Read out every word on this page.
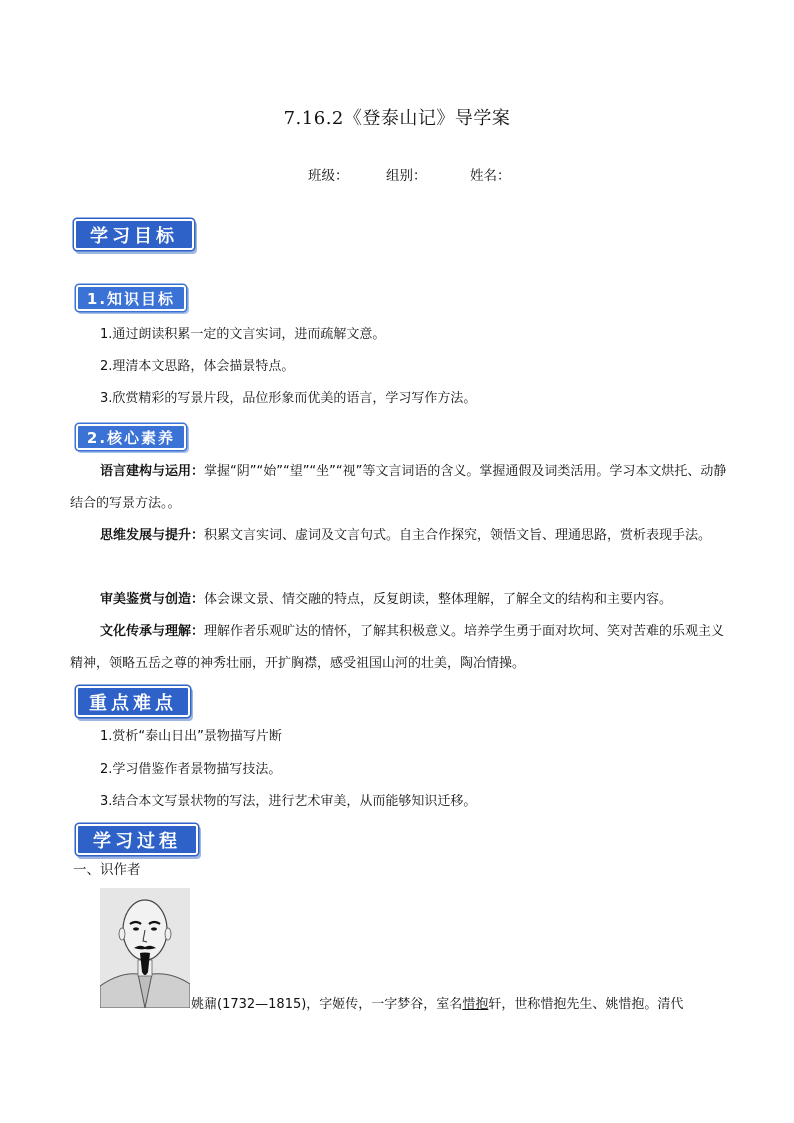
7.16.2《登泰山记》导学案
班级：	组别：	姓名：
学习目标
1.知识目标
1.通过朗读积累一定的文言实词，进而疏解文意。
2.理清本文思路，体会描景特点。
3.欣赏精彩的写景片段，品位形象而优美的语言，学习写作方法。
2.核心素养
语言建构与运用：掌握“阴”“始”“望”“坐”“视”等文言词语的含义。掌握通假及词类活用。学习本文烘托、动静结合的写景方法。。
思维发展与提升：积累文言实词、虚词及文言句式。自主合作探究，领悟文旨、理通思路，赏析表现手法。
审美鉴赏与创造：体会课文景、情交融的特点，反复朗读，整体理解，了解全文的结构和主要内容。
文化传承与理解：理解作者乐观旷达的情怀，了解其积极意义。培养学生勇于面对坎坷、笑对苦难的乐观主义精神，领略五岳之尊的神秀壮丽，开扩胸襟，感受祖国山河的壮美，陶冶情操。
重点难点
1.赏析“泰山日出”景物描写片断
2.学习借鉴作者景物描写技法。
3.结合本文写景状物的写法，进行艺术审美，从而能够知识迁移。
学习过程
一、识作者
姚鼐(1732—1815)，字姬传，一字梦谷，室名惜抱轩，世称惜抱先生、姚惜抱。清代
